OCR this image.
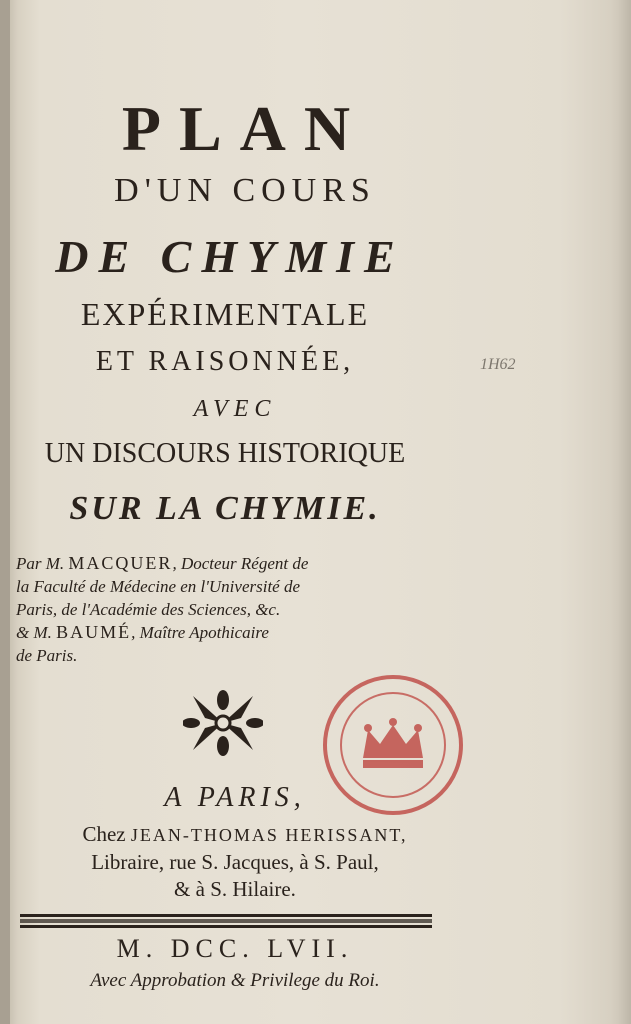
PLAN
D'UN COURS
DE CHYMIE
EXPÉRIMENTALE
ET RAISONNÉE,
AVEC
UN DISCOURS HISTORIQUE
SUR LA CHYMIE.
1H62

Par M. MACQUER, Docteur Régent de

la Faculté de Médecine en l'Université de

Paris, de l'Académie des Sciences, &c.

& M. BAUMÉ, Maître Apothicaire

de Paris.

A PARIS,
Chez JEAN-THOMAS HERISSANT,
Libraire, rue S. Jacques, à S. Paul,
& à S. Hilaire.
M. DCC. LVII.
Avec Approbation & Privilege du Roi.
